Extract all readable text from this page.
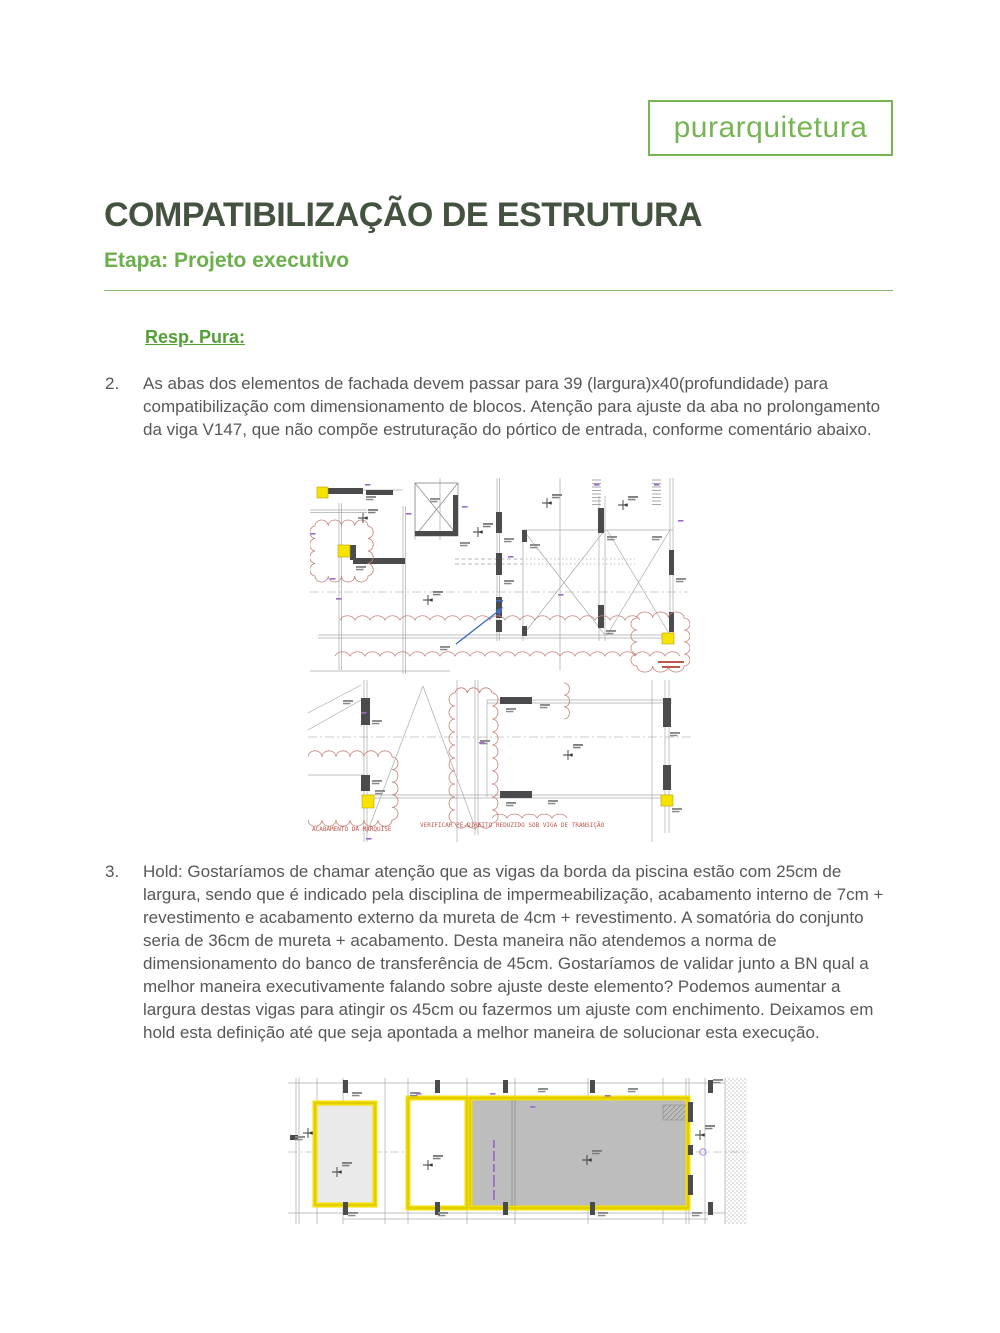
purarquitetura
COMPATIBILIZAÇÃO DE ESTRUTURA
Etapa: Projeto executivo
Resp. Pura:
2.	As abas dos elementos de fachada devem passar para 39 (largura)x40(profundidade) para compatibilização com dimensionamento de blocos. Atenção para ajuste da aba no prolongamento da viga V147, que não compõe estruturação do pórtico de entrada, conforme comentário abaixo.

ACABAMENTO DA MARQUISE
VERIFICAR PÉ-DIREITO REDUZIDO SOB VIGA DE TRANSIÇÃO
3.	Hold: Gostaríamos de chamar atenção que as vigas da borda da piscina estão com 25cm de largura, sendo que é indicado pela disciplina de impermeabilização, acabamento interno de 7cm + revestimento e acabamento externo da mureta de 4cm + revestimento. A somatória do conjunto seria de 36cm de mureta + acabamento. Desta maneira não atendemos a norma de dimensionamento do banco de transferência de 45cm. Gostaríamos de validar junto a BN qual a melhor maneira executivamente falando sobre ajuste deste elemento? Podemos aumentar a largura destas vigas para atingir os 45cm ou fazermos um ajuste com enchimento. Deixamos em hold esta definição até que seja apontada a melhor maneira de solucionar esta execução.
